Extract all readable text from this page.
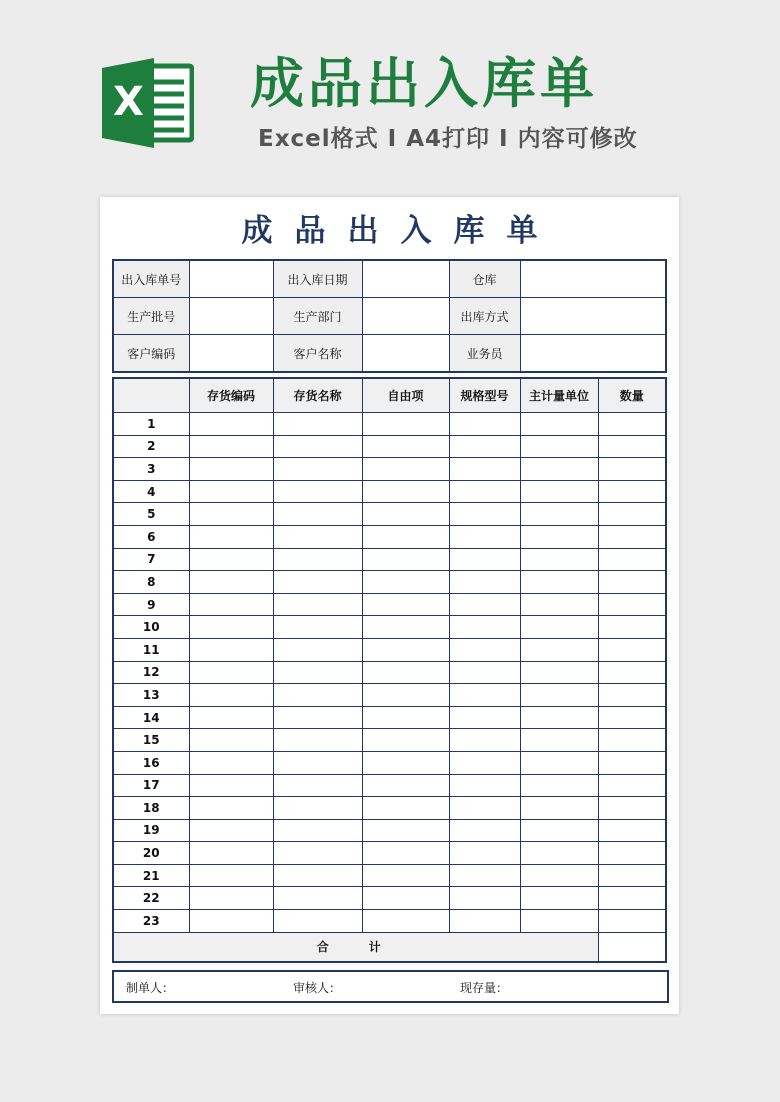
X 成品出入库单
Excel格式 I A4打印 I 内容可修改
成品出入库单
出入库单号		出入库日期		仓库	
生产批号		生产部门		出库方式	
客户编码		客户名称		业务员	
	存货编码	存货名称	自由项	规格型号	主计量单位	数量
1						
2						
3						
4						
5						
6						
7						
8						
9						
10						
11						
12						
13						
14						
15						
16						
17						
18						
19						
20						
21						
22						
23						
合　计						
制单人：	审核人：	现存量：
